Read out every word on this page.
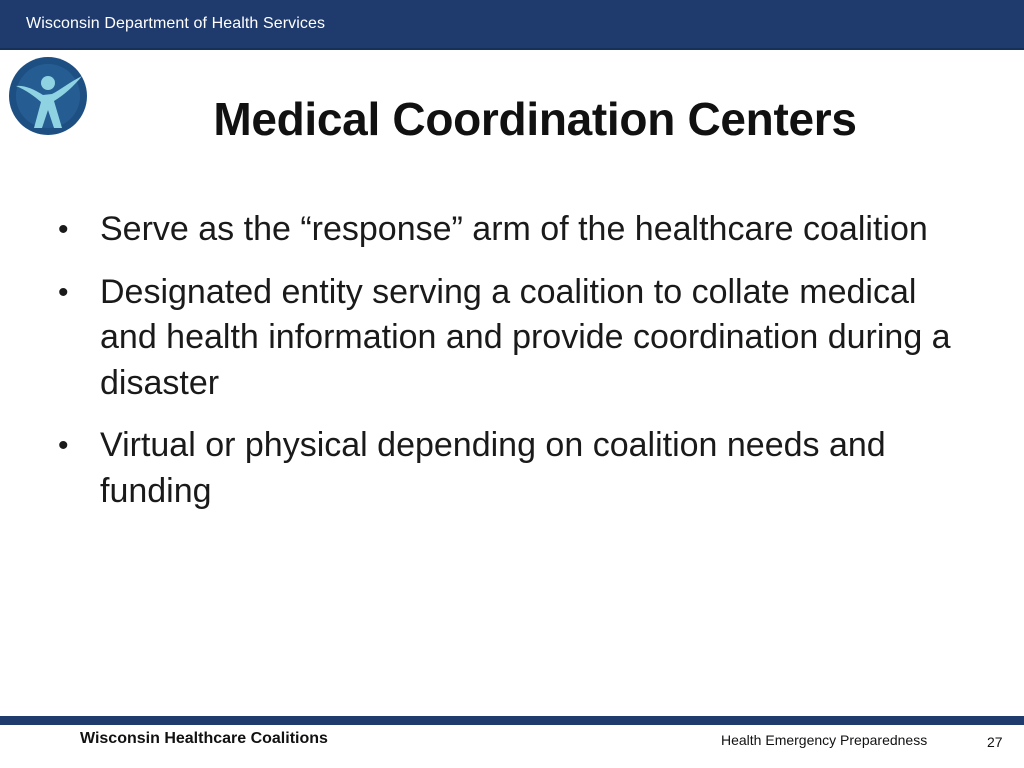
Wisconsin Department of Health Services
Medical Coordination Centers
• Serve as the “response” arm of the healthcare coalition
• Designated entity serving a coalition to collate medical and health information and provide coordination during a disaster
• Virtual or physical depending on coalition needs and funding
Wisconsin Healthcare Coalitions	Health Emergency Preparedness	27
